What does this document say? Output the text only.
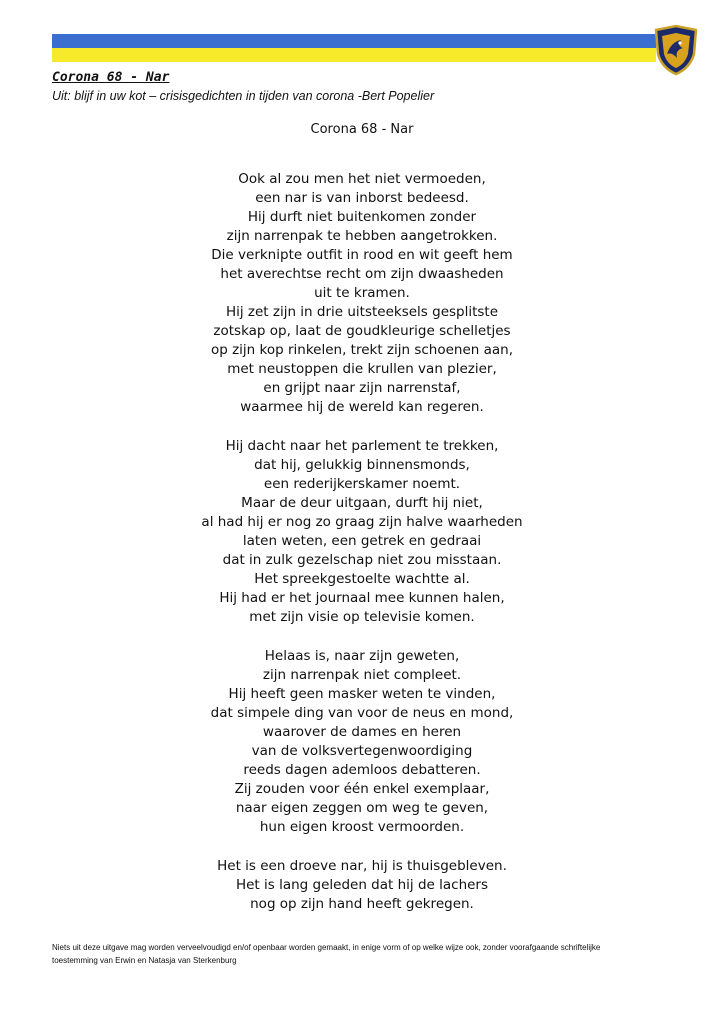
Corona 68 - Nar

Uit: blijf in uw kot – crisisgedichten in tijden van corona -Bert Popelier

Corona 68 - Nar

Ook al zou men het niet vermoeden,
een nar is van inborst bedeesd.
Hij durft niet buitenkomen zonder
zijn narrenpak te hebben aangetrokken.
Die verknipte outfit in rood en wit geeft hem
het averechtse recht om zijn dwaasheden
uit te kramen.
Hij zet zijn in drie uitsteeksels gesplitste
zotskap op, laat de goudkleurige schelletjes
op zijn kop rinkelen, trekt zijn schoenen aan,
met neustoppen die krullen van plezier,
en grijpt naar zijn narrenstaf,
waarmee hij de wereld kan regeren.
Hij dacht naar het parlement te trekken,
dat hij, gelukkig binnensmonds,
een rederijkerskamer noemt.
Maar de deur uitgaan, durft hij niet,
al had hij er nog zo graag zijn halve waarheden
laten weten, een getrek en gedraai
dat in zulk gezelschap niet zou misstaan.
Het spreekgestoelte wachtte al.
Hij had er het journaal mee kunnen halen,
met zijn visie op televisie komen.
Helaas is, naar zijn geweten,
zijn narrenpak niet compleet.
Hij heeft geen masker weten te vinden,
dat simpele ding van voor de neus en mond,
waarover de dames en heren
van de volksvertegenwoordiging
reeds dagen ademloos debatteren.
Zij zouden voor één enkel exemplaar,
naar eigen zeggen om weg te geven,
hun eigen kroost vermoorden.
Het is een droeve nar, hij is thuisgebleven.
Het is lang geleden dat hij de lachers
nog op zijn hand heeft gekregen.
Niets uit deze uitgave mag worden verveelvoudigd en/of openbaar worden gemaakt, in enige vorm of op welke wijze ook, zonder voorafgaande schriftelijke
toestemming van Erwin en Natasja van Sterkenburg
